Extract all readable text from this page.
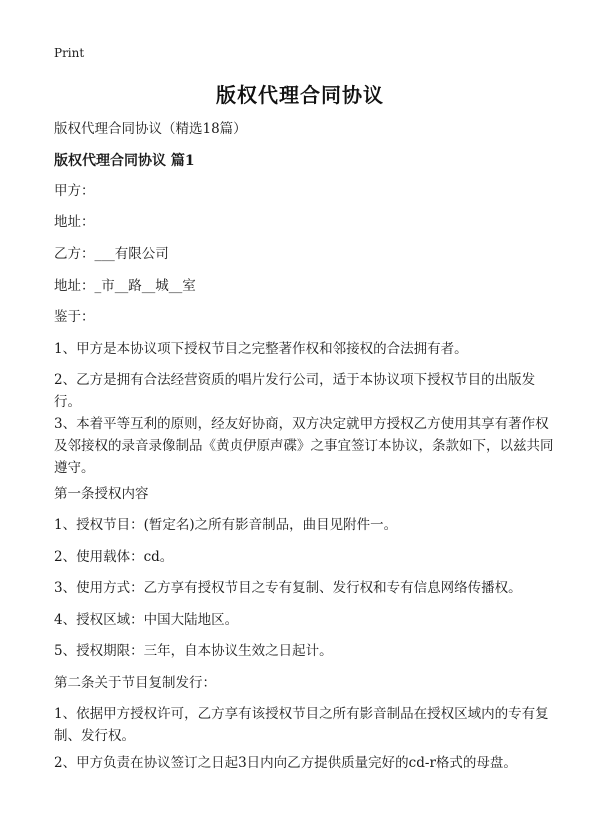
Print
版权代理合同协议
版权代理合同协议（精选18篇）
版权代理合同协议 篇1
甲方：
地址：
乙方：___有限公司
地址：_市__路__城__室
鉴于：
1、甲方是本协议项下授权节目之完整著作权和邻接权的合法拥有者。
2、乙方是拥有合法经营资质的唱片发行公司，适于本协议项下授权节目的出版发行。
3、本着平等互利的原则，经友好协商，双方决定就甲方授权乙方使用其享有著作权及邻接权的录音录像制品《黄贞伊原声碟》之事宜签订本协议，条款如下，以兹共同遵守。
第一条授权内容
1、授权节目：(暂定名)之所有影音制品，曲目见附件一。
2、使用载体：cd。
3、使用方式：乙方享有授权节目之专有复制、发行权和专有信息网络传播权。
4、授权区域：中国大陆地区。
5、授权期限：三年，自本协议生效之日起计。
第二条关于节目复制发行：
1、依据甲方授权许可，乙方享有该授权节目之所有影音制品在授权区域内的专有复制、发行权。
2、甲方负责在协议签订之日起3日内向乙方提供质量完好的cd-r格式的母盘。
